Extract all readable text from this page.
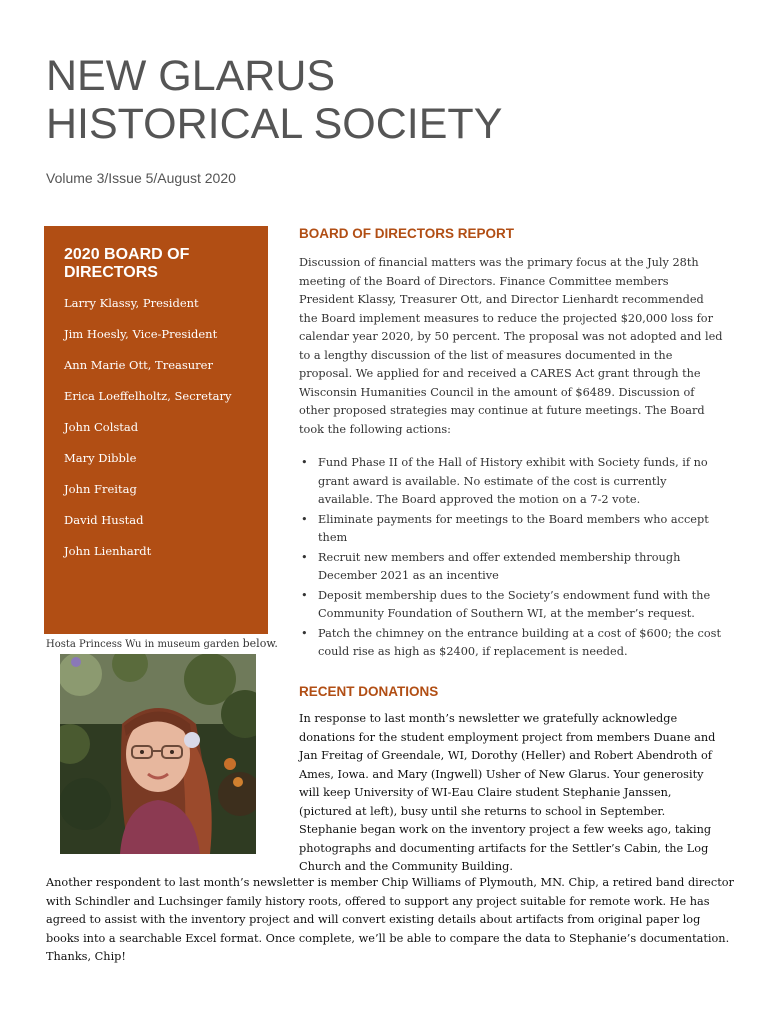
NEW GLARUS
HISTORICAL SOCIETY
Volume 3/Issue 5/August 2020
2020 BOARD OF DIRECTORS
Larry Klassy, President
Jim Hoesly, Vice-President
Ann Marie Ott, Treasurer
Erica Loeffelholtz, Secretary
John Colstad
Mary Dibble
John Freitag
David Hustad
John Lienhardt
Hosta Princess Wu in museum garden below.
BOARD OF DIRECTORS REPORT

Discussion of financial matters was the primary focus at the July 28th meeting of the Board of Directors. Finance Committee members President Klassy, Treasurer Ott, and Director Lienhardt recommended the Board implement measures to reduce the projected $20,000 loss for calendar year 2020, by 50 percent. The proposal was not adopted and led to a lengthy discussion of the list of measures documented in the proposal. We applied for and received a CARES Act grant through the Wisconsin Humanities Council in the amount of $6489. Discussion of other proposed strategies may continue at future meetings. The Board took the following actions:

• Fund Phase II of the Hall of History exhibit with Society funds, if no grant award is available. No estimate of the cost is currently available. The Board approved the motion on a 7-2 vote.
• Eliminate payments for meetings to the Board members who accept them
• Recruit new members and offer extended membership through December 2021 as an incentive
• Deposit membership dues to the Society’s endowment fund with the Community Foundation of Southern WI, at the member’s request.
• Patch the chimney on the entrance building at a cost of $600; the cost could rise as high as $2400, if replacement is needed.
RECENT DONATIONS

In response to last month’s newsletter we gratefully acknowledge donations for the student employment project from members Duane and Jan Freitag of Greendale, WI, Dorothy (Heller) and Robert Abendroth of Ames, Iowa. and Mary (Ingwell) Usher of New Glarus. Your generosity will keep University of WI-Eau Claire student Stephanie Janssen, (pictured at left), busy until she returns to school in September. Stephanie began work on the inventory project a few weeks ago, taking photographs and documenting artifacts for the Settler’s Cabin, the Log Church and the Community Building.

Another respondent to last month’s newsletter is member Chip Williams of Plymouth, MN. Chip, a retired band director with Schindler and Luchsinger family history roots, offered to support any project suitable for remote work. He has agreed to assist with the inventory project and will convert existing details about artifacts from original paper log books into a searchable Excel format. Once complete, we’ll be able to compare the data to Stephanie’s documentation. Thanks, Chip!
